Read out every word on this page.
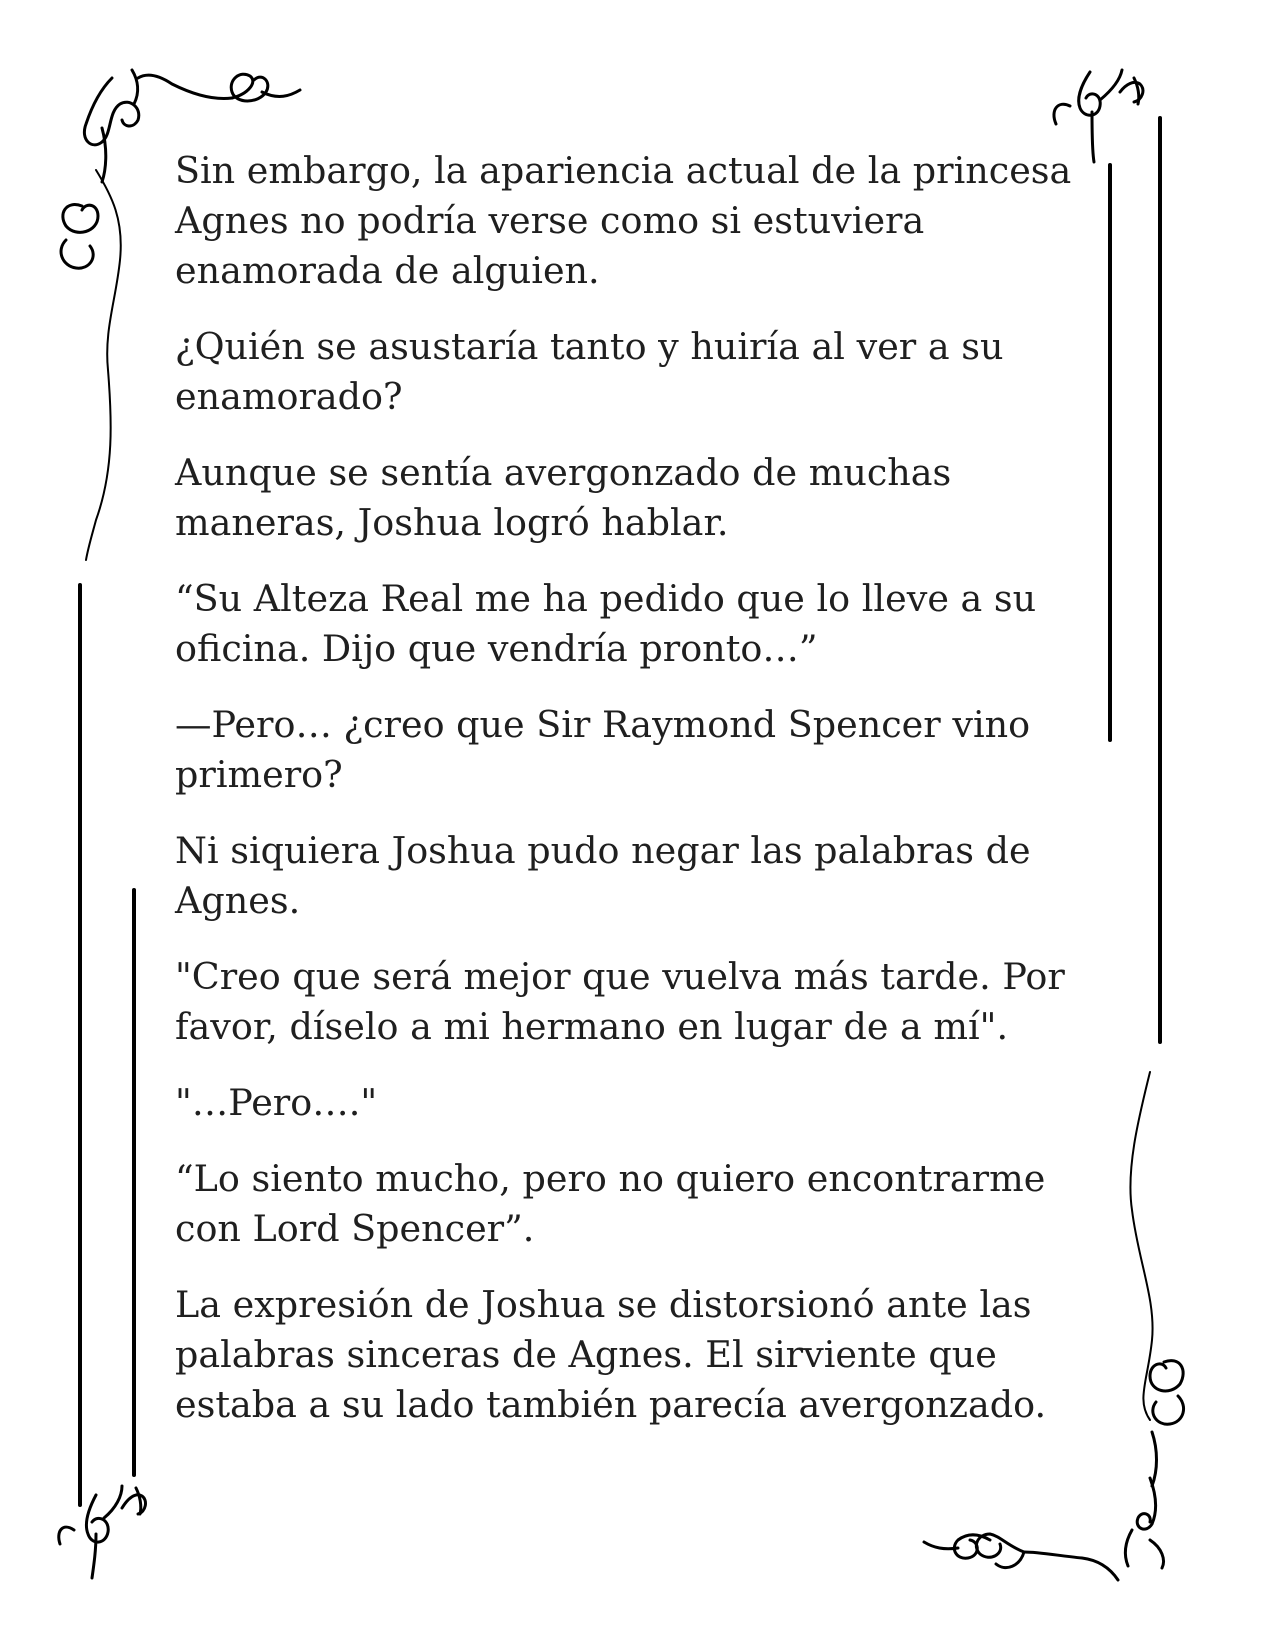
Sin embargo, la apariencia actual de la princesa Agnes no podría verse como si estuviera enamorada de alguien.

¿Quién se asustaría tanto y huiría al ver a su enamorado?

Aunque se sentía avergonzado de muchas maneras, Joshua logró hablar.

“Su Alteza Real me ha pedido que lo lleve a su oficina. Dijo que vendría pronto…”

—Pero… ¿creo que Sir Raymond Spencer vino primero?

Ni siquiera Joshua pudo negar las palabras de Agnes.

"Creo que será mejor que vuelva más tarde. Por favor, díselo a mi hermano en lugar de a mí".

"…Pero…."

“Lo siento mucho, pero no quiero encontrarme con Lord Spencer”.

La expresión de Joshua se distorsionó ante las palabras sinceras de Agnes. El sirviente que estaba a su lado también parecía avergonzado.
